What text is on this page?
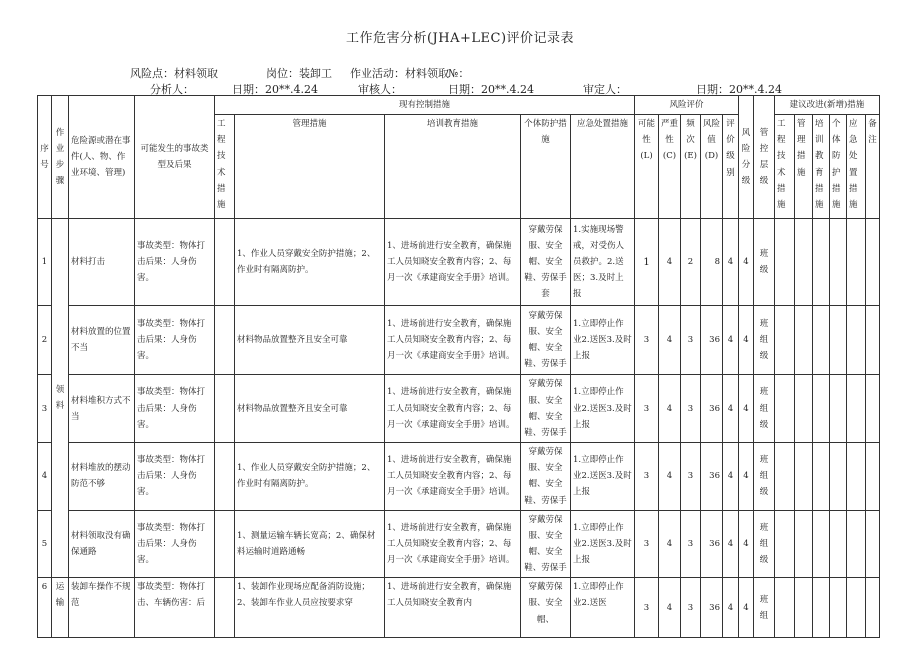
工作危害分析(JHA+LEC)评价记录表
风险点：材料领取	岗位：装卸工 作业活动：材料领取 №：
分析人：	日期：20**.4.24	审核人：	日期：20**.4.24	审定人：	日期：20**.4.24
序号	作业步骤	危险源或潜在事件(人、物、作业环境、管理)	可能发生的事故类型及后果	现有控制措施					风险评价					风险分级	管控层级	建议改进(新增)措施					
				工程技术措施	管理措施	培训教育措施	个体防护措施	应急处置措施	可能性(L)	严重性(C)	频次(E)	风险值(D)	评价级别			工程技术措施	管理措施	培训教育措施	个体防护措施	应急处置措施	备注
1	领料	材料打击	事故类型：物体打击后果：人身伤害。		1、作业人员穿戴安全防护措施；2、作业时有隔离防护。	1、进场前进行安全教育，确保施工人员知晓安全教育内容；2、每月一次《承建商安全手册》培训。	穿戴劳保服、安全帽、安全鞋、劳保手套	1.实施现场警戒，对受伤人员救护。2.送医；3.及时上报	1	4	2	8	4	4	班级						
2		材料放置的位置不当	事故类型：物体打击后果：人身伤害。		材料物品放置整齐且安全可靠	1、进场前进行安全教育，确保施工人员知晓安全教育内容；2、每月一次《承建商安全手册》培训。	穿戴劳保服、安全帽、安全鞋、劳保手	1.立即停止作业2.送医3.及时上报	3	4	3	36	4	4	班组级						
3		材料堆积方式不当	事故类型：物体打击后果：人身伤害。		材料物品放置整齐且安全可靠	1、进场前进行安全教育，确保施工人员知晓安全教育内容；2、每月一次《承建商安全手册》培训。	穿戴劳保服、安全帽、安全鞋、劳保手	1.立即停止作业2.送医3.及时上报	3	4	3	36	4	4	班组级						
4		材料堆放的摆动防范不够	事故类型：物体打击后果：人身伤害。		1、作业人员穿戴安全防护措施；2、作业时有隔离防护。	1、进场前进行安全教育，确保施工人员知晓安全教育内容；2、每月一次《承建商安全手册》培训。	穿戴劳保服、安全帽、安全鞋、劳保手	1.立即停止作业2.送医3.及时上报	3	4	3	36	4	4	班组级						
5		材料领取没有确保通路	事故类型：物体打击后果：人身伤害。		1、测量运输车辆长宽高；2、确保材料运输时道路通畅	1、进场前进行安全教育，确保施工人员知晓安全教育内容；2、每月一次《承建商安全手册》培训。	穿戴劳保服、安全帽、安全鞋、劳保手	1.立即停止作业2.送医3.及时上报	3	4	3	36	4	4	班组级						
6	运输	装卸车操作不规范	事故类型：物体打击、车辆伤害：后		1、装卸作业现场应配备消防设施；2、装卸车作业人员应按要求穿	1、进场前进行安全教育，确保施工人员知晓安全教育内	穿戴劳保服、安全帽、	1.立即停止作业2.送医	3	4	3	36	4	4	班组						
